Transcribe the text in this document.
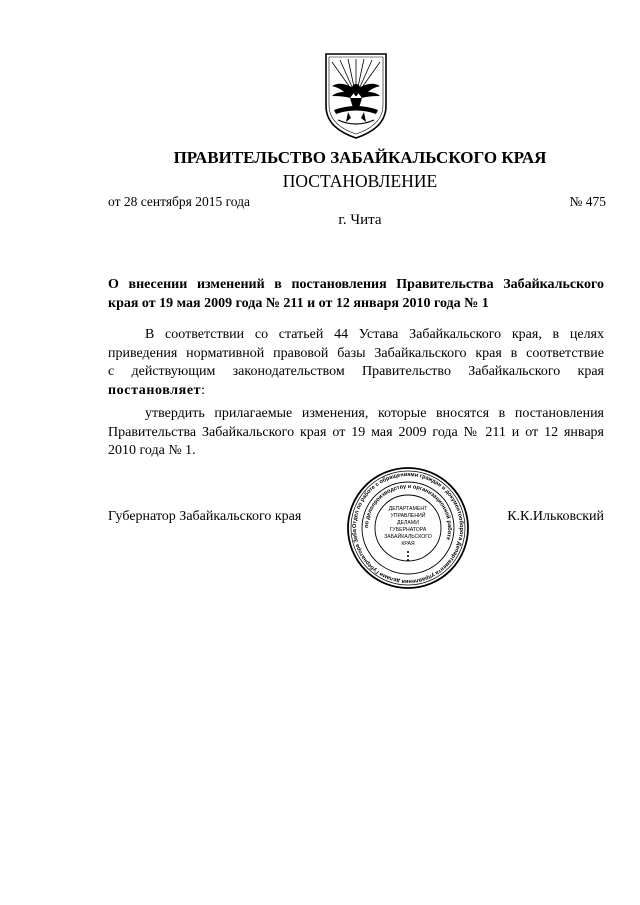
ПРАВИТЕЛЬСТВО ЗАБАЙКАЛЬСКОГО КРАЯ
ПОСТАНОВЛЕНИЕ
от 28 сентября 2015 года	№ 475
г. Чита
О внесении изменений в постановления Правительства Забайкальского
края от 19 мая 2009 года № 211 и от 12 января 2010 года № 1
В соответствии со статьей 44 Устава Забайкальского края, в целях
приведения нормативной правовой базы Забайкальского края в соответствие
с действующим законодательством Правительство Забайкальского края
постановляет:
утвердить прилагаемые изменения, которые вносятся в постановления
Правительства Забайкальского края от 19 мая 2009 года № 211 и от 12 января
2010 года № 1.
Губернатор Забайкальского края	К.К.Ильковский
Отдел по работе с обращениями граждан и документооборота Департамента управления делами Губернатора Заба
по делопроизводству и организационной работе
ДЕПАРТАМЕНТ
УПРАВЛЕНИЙ
ДЕЛАМИ
ГУБЕРНАТОРА
ЗАБАЙКАЛЬСКОГО
КРАЯ
